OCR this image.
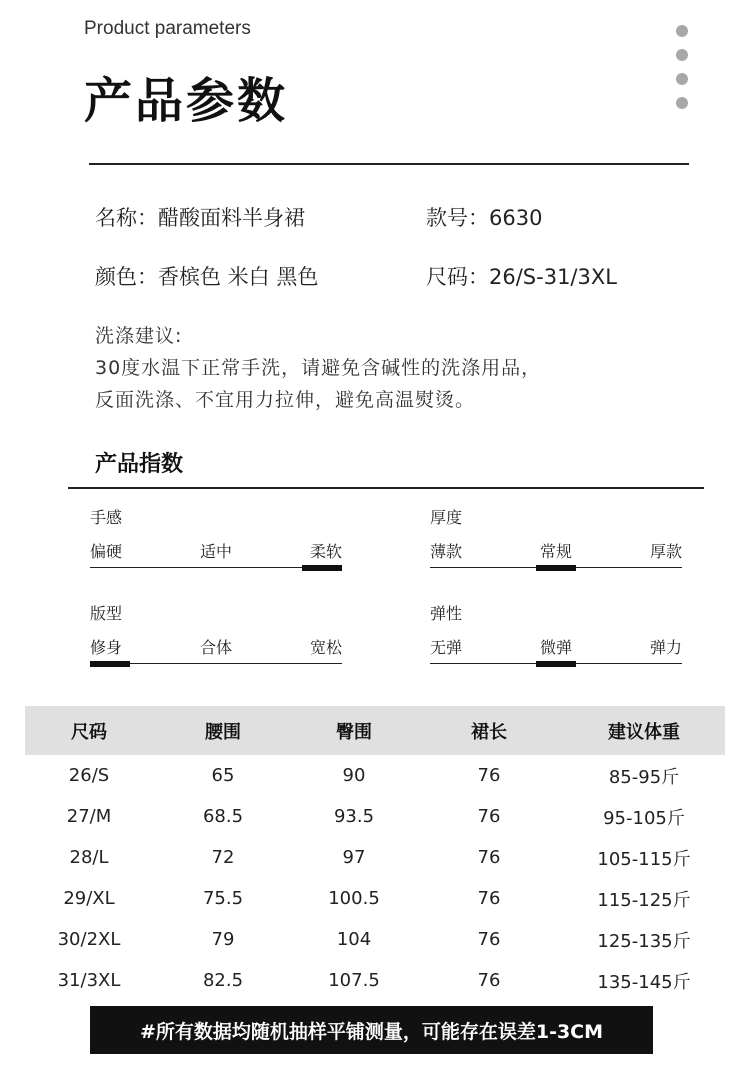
Product parameters
产品参数
名称：醋酸面料半身裙	款号：6630
颜色：香槟色 米白 黑色	尺码：26/S-31/3XL
洗涤建议:
30度水温下正常手洗，请避免含碱性的洗涤用品，
反面洗涤、不宜用力拉伸，避免高温熨烫。
产品指数
手感
偏硬	适中	柔软
厚度
薄款	常规	厚款
版型
修身	合体	宽松
弹性
无弹	微弹	弹力
尺码	腰围	臀围	裙长	建议体重
26/S	65	90	76	85-95斤
27/M	68.5	93.5	76	95-105斤
28/L	72	97	76	105-115斤
29/XL	75.5	100.5	76	115-125斤
30/2XL	79	104	76	125-135斤
31/3XL	82.5	107.5	76	135-145斤
#所有数据均随机抽样平铺测量，可能存在误差1-3CM
